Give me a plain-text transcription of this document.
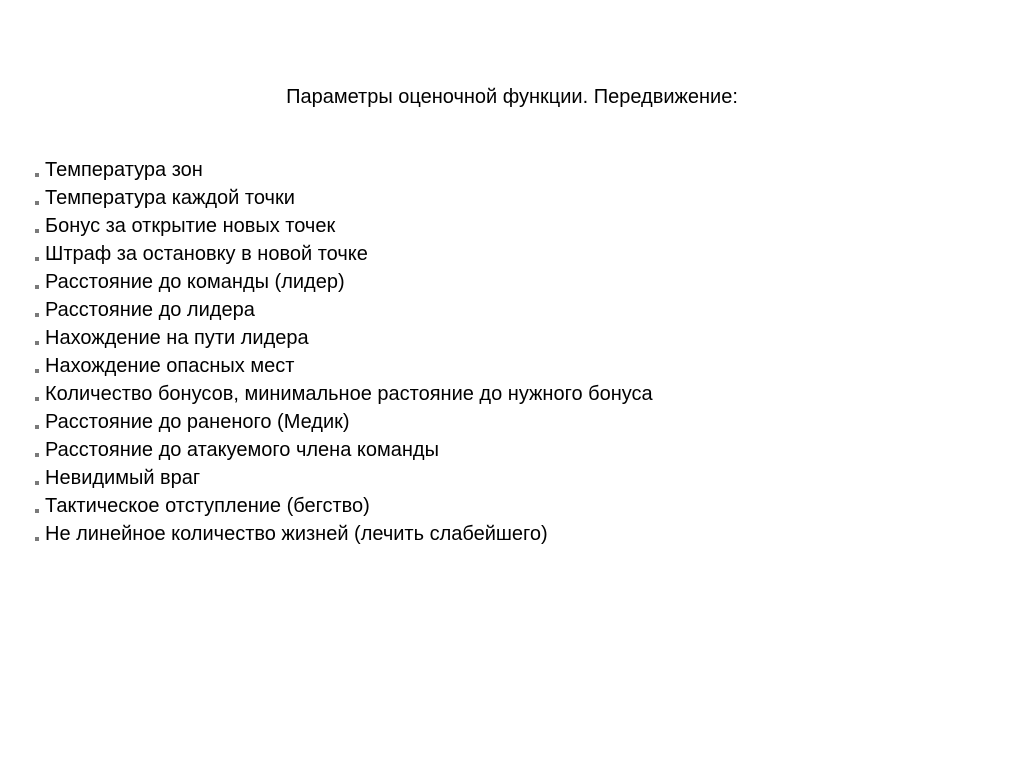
Параметры оценочной функции. Передвижение:
Температура зон
Температура каждой точки
Бонус за открытие новых точек
Штраф за остановку в новой точке
Расстояние до команды (лидер)
Расстояние до лидера
Нахождение на пути лидера
Нахождение опасных мест
Количество бонусов, минимальное растояние до нужного бонуса
Расстояние до раненого (Медик)
Расстояние до атакуемого члена команды
Невидимый враг
Тактическое отступление (бегство)
Не линейное количество жизней (лечить слабейшего)
